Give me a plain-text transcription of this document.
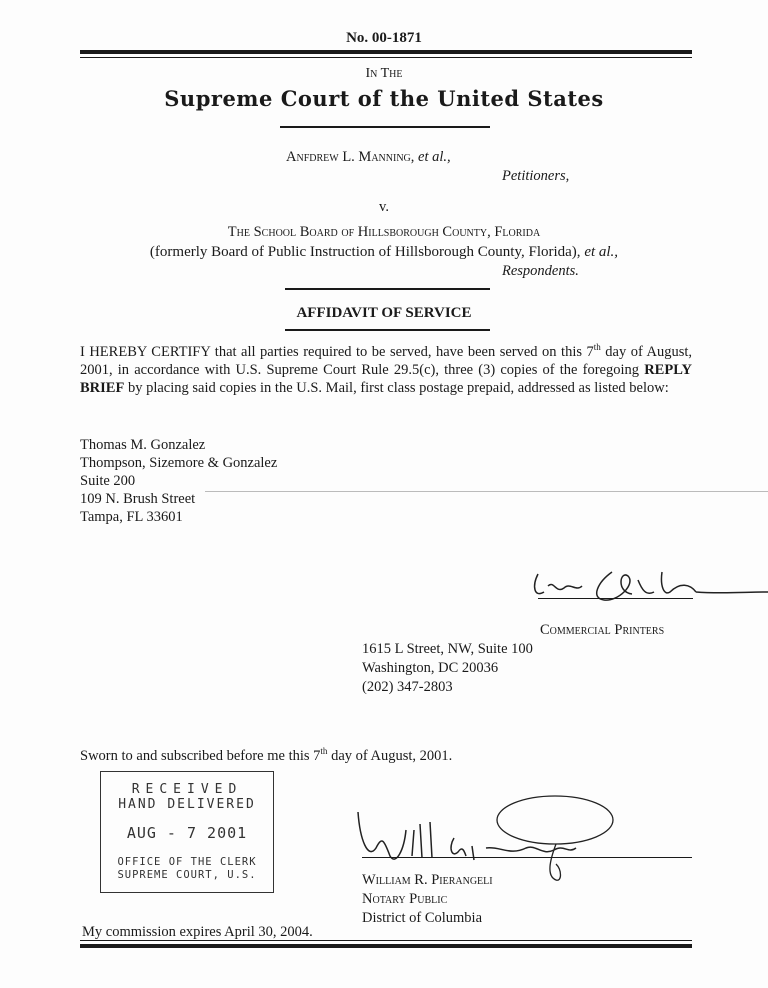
No. 00-1871
In The
Supreme Court of the United States
Anfdrew L. Manning, et al.,
Petitioners,
v.
The School Board of Hillsborough County, Florida
(formerly Board of Public Instruction of Hillsborough County, Florida), et al.,
Respondents.
AFFIDAVIT OF SERVICE
I HEREBY CERTIFY that all parties required to be served, have been served on this 7th day of August, 2001, in accordance with U.S. Supreme Court Rule 29.5(c), three (3) copies of the foregoing REPLY BRIEF by placing said copies in the U.S. Mail, first class postage prepaid, addressed as listed below:
Thomas M. Gonzalez
Thompson, Sizemore & Gonzalez
Suite 200
109 N. Brush Street
Tampa, FL 33601
Commercial Printers
1615 L Street, NW, Suite 100
Washington, DC 20036
(202) 347-2803
Sworn to and subscribed before me this 7th day of August, 2001.
RECEIVED
HAND DELIVERED
AUG - 7 2001
OFFICE OF THE CLERK
SUPREME COURT, U.S.	William R. Pierangeli
Notary Public
District of Columbia
My commission expires April 30, 2004.
